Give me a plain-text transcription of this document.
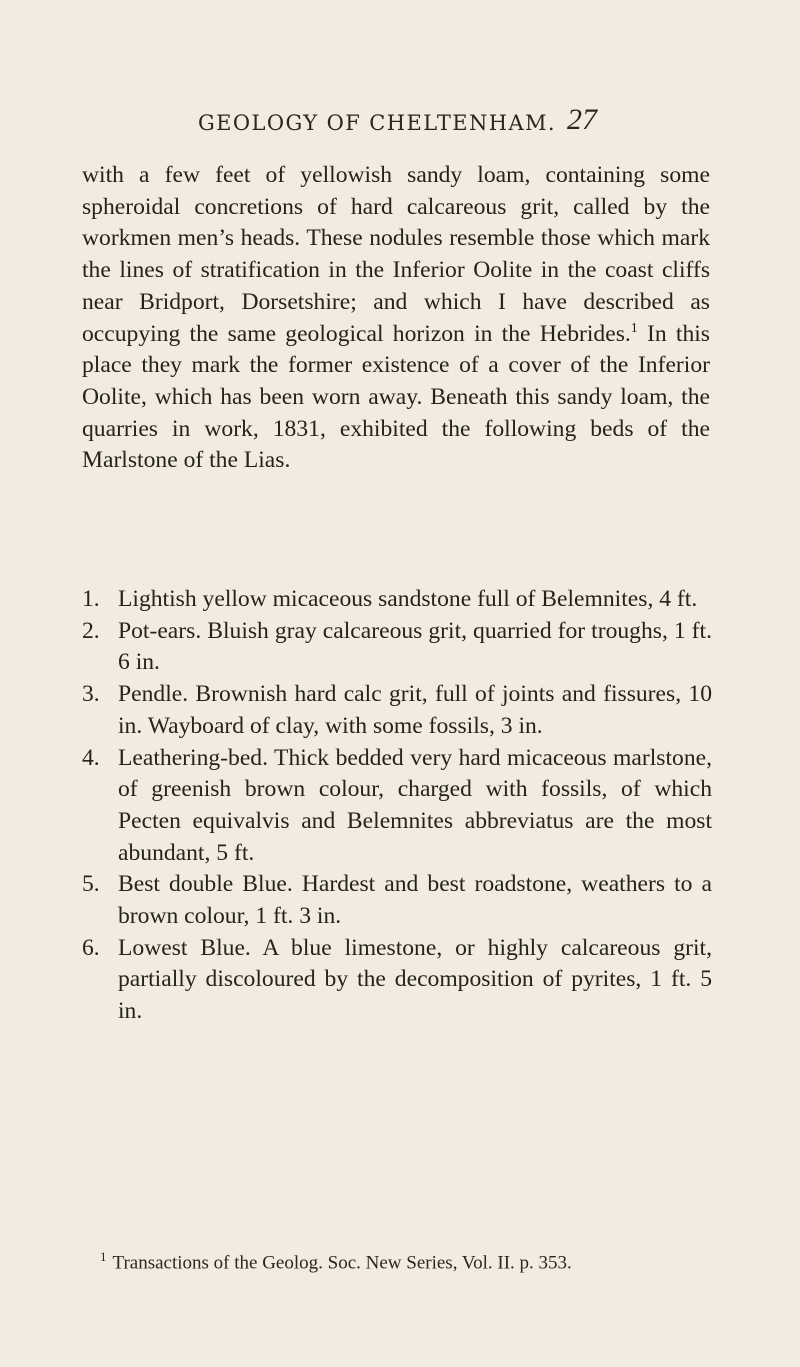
GEOLOGY OF CHELTENHAM. 27

with a few feet of yellowish sandy loam, containing some spheroidal concretions of hard calcareous grit, called by the workmen men’s heads. These nodules resemble those which mark the lines of stratification in the Inferior Oolite in the coast cliffs near Bridport, Dorsetshire; and which I have described as occupying the same geological horizon in the Hebrides.$^1$ In this place they mark the former existence of a cover of the Inferior Oolite, which has been worn away. Beneath this sandy loam, the quarries in work, 1831, exhibited the following beds of the Marlstone of the Lias.

1. Lightish yellow micaceous sandstone full of Belemnites, 4 ft.
2. Pot-ears. Bluish gray calcareous grit, quarried for troughs, 1 ft. 6 in.
3. Pendle. Brownish hard calc grit, full of joints and fissures, 10 in. Wayboard of clay, with some fossils, 3 in.
4. Leathering-bed. Thick bedded very hard micaceous marlstone, of greenish brown colour, charged with fossils, of which Pecten equivalvis and Belemnites abbreviatus are the most abundant, 5 ft.
5. Best double Blue. Hardest and best roadstone, weathers to a brown colour, 1 ft. 3 in.
6. Lowest Blue. A blue limestone, or highly calcareous grit, partially discoloured by the decomposition of pyrites, 1 ft. 5 in.
$^1$ Transactions of the Geolog. Soc. New Series, Vol. II. p. 353.
